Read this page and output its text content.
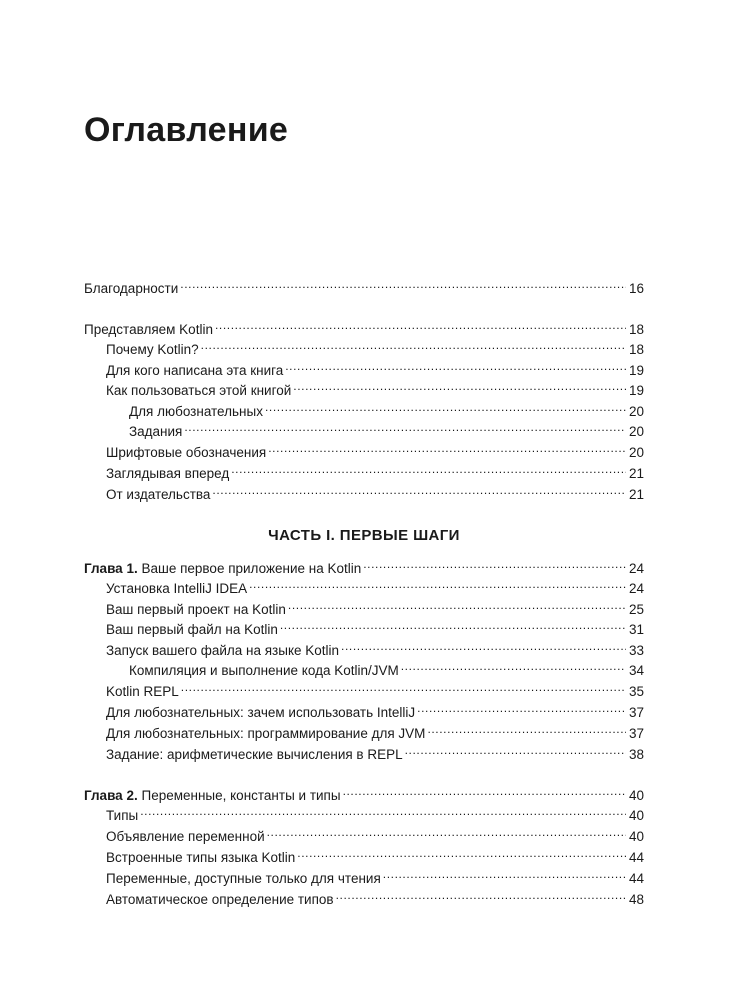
Оглавление
Благодарности .....	16
Представляем Kotlin .....	18
Почему Kotlin? .....	18
Для кого написана эта книга .....	19
Как пользоваться этой книгой .....	19
Для любознательных .....	20
Задания .....	20
Шрифтовые обозначения .....	20
Заглядывая вперед .....	21
От издательства .....	21
ЧАСТЬ I. ПЕРВЫЕ ШАГИ
Глава 1. Ваше первое приложение на Kotlin .....	24
Установка IntelliJ IDEA .....	24
Ваш первый проект на Kotlin .....	25
Ваш первый файл на Kotlin .....	31
Запуск вашего файла на языке Kotlin .....	33
Компиляция и выполнение кода Kotlin/JVM .....	34
Kotlin REPL .....	35
Для любознательных: зачем использовать IntelliJ .....	37
Для любознательных: программирование для JVM .....	37
Задание: арифметические вычисления в REPL .....	38
Глава 2. Переменные, константы и типы .....	40
Типы .....	40
Объявление переменной .....	40
Встроенные типы языка Kotlin .....	44
Переменные, доступные только для чтения .....	44
Автоматическое определение типов .....	48
